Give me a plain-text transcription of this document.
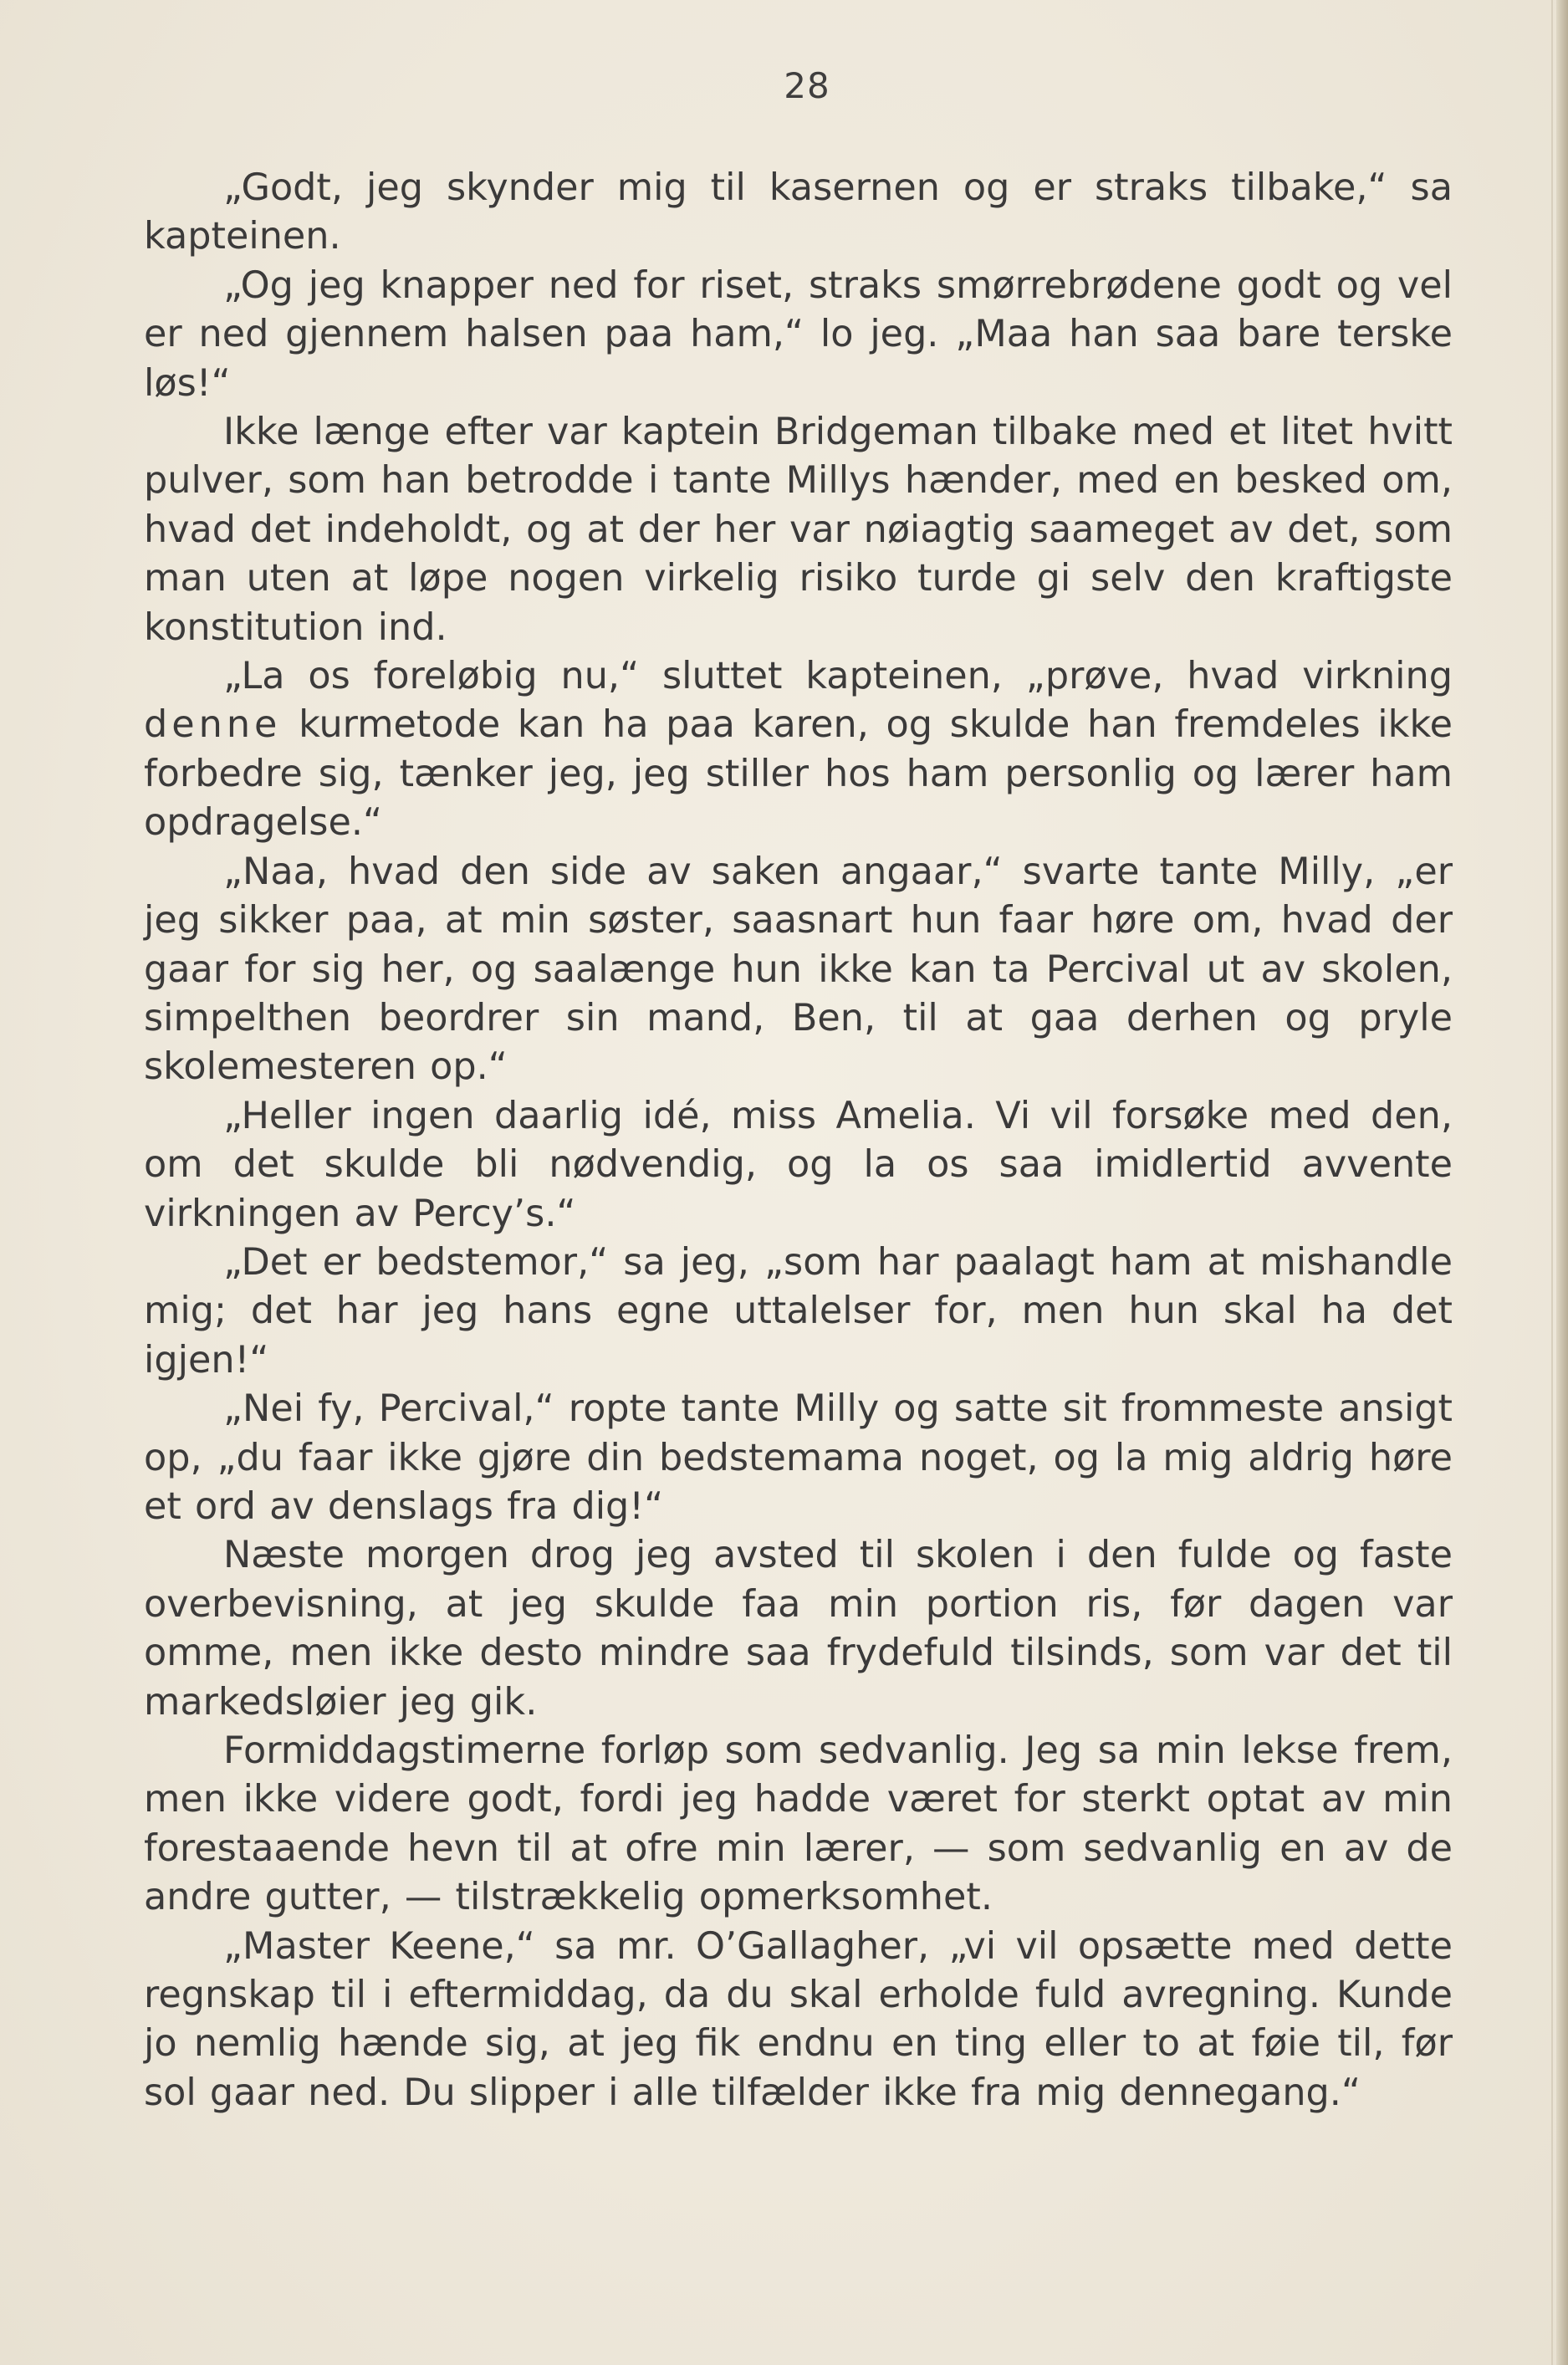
28

„Godt, jeg skynder mig til kasernen og er straks tilbake,“ sa kapteinen.

„Og jeg knapper ned for riset, straks smørrebrødene godt og vel er ned gjennem halsen paa ham,“ lo jeg. „Maa han saa bare terske løs!“

Ikke længe efter var kaptein Bridgeman tilbake med et litet hvitt pulver, som han betrodde i tante Millys hænder, med en besked om, hvad det indeholdt, og at der her var nøiagtig saameget av det, som man uten at løpe nogen virkelig risiko turde gi selv den kraftigste konstitution ind.

„La os foreløbig nu,“ sluttet kapteinen, „prøve, hvad virkning denne kurmetode kan ha paa karen, og skulde han fremdeles ikke forbedre sig, tænker jeg, jeg stiller hos ham personlig og lærer ham opdragelse.“

„Naa, hvad den side av saken angaar,“ svarte tante Milly, „er jeg sikker paa, at min søster, saasnart hun faar høre om, hvad der gaar for sig her, og saalænge hun ikke kan ta Percival ut av skolen, simpelthen beordrer sin mand, Ben, til at gaa derhen og pryle skolemesteren op.“

„Heller ingen daarlig idé, miss Amelia. Vi vil forsøke med den, om det skulde bli nødvendig, og la os saa imidlertid avvente virkningen av Percy’s.“

„Det er bedstemor,“ sa jeg, „som har paalagt ham at mishandle mig; det har jeg hans egne uttalelser for, men hun skal ha det igjen!“

„Nei fy, Percival,“ ropte tante Milly og satte sit frommeste ansigt op, „du faar ikke gjøre din bedstemama noget, og la mig aldrig høre et ord av denslags fra dig!“

Næste morgen drog jeg avsted til skolen i den fulde og faste overbevisning, at jeg skulde faa min portion ris, før dagen var omme, men ikke desto mindre saa frydefuld tilsinds, som var det til markedsløier jeg gik.

Formiddagstimerne forløp som sedvanlig. Jeg sa min lekse frem, men ikke videre godt, fordi jeg hadde været for sterkt optat av min forestaaende hevn til at ofre min lærer, — som sedvanlig en av de andre gutter, — tilstrækkelig opmerksomhet.

„Master Keene,“ sa mr. O’Gallagher, „vi vil opsætte med dette regnskap til i eftermiddag, da du skal erholde fuld avregning. Kunde jo nemlig hænde sig, at jeg fik endnu en ting eller to at føie til, før sol gaar ned. Du slipper i alle tilfælder ikke fra mig dennegang.“
